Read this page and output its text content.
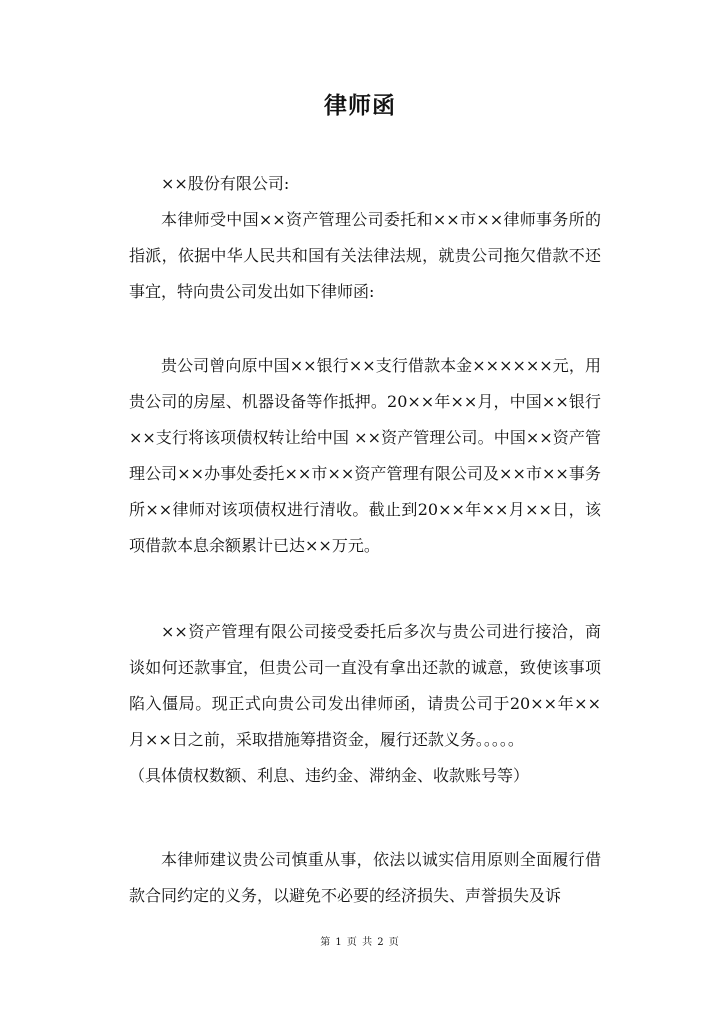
律师函

××股份有限公司:

本律师受中国××资产管理公司委托和××市××律师事务所的指派，依据中华人民共和国有关法律法规，就贵公司拖欠借款不还事宜，特向贵公司发出如下律师函:

贵公司曾向原中国××银行××支行借款本金××××××元，用贵公司的房屋、机器设备等作抵押。20××年××月，中国××银行××支行将该项债权转让给中国 ××资产管理公司。中国××资产管理公司××办事处委托××市××资产管理有限公司及××市××事务所××律师对该项债权进行清收。截止到20××年××月××日，该项借款本息余额累计已达××万元。

××资产管理有限公司接受委托后多次与贵公司进行接洽，商谈如何还款事宜，但贵公司一直没有拿出还款的诚意，致使该事项陷入僵局。现正式向贵公司发出律师函，请贵公司于20××年××月××日之前，采取措施筹措资金，履行还款义务。。。。。

（具体债权数额、利息、违约金、滞纳金、收款账号等）

本律师建议贵公司慎重从事，依法以诚实信用原则全面履行借款合同约定的义务，以避免不必要的经济损失、声誉损失及诉

第 1 页 共 2 页
